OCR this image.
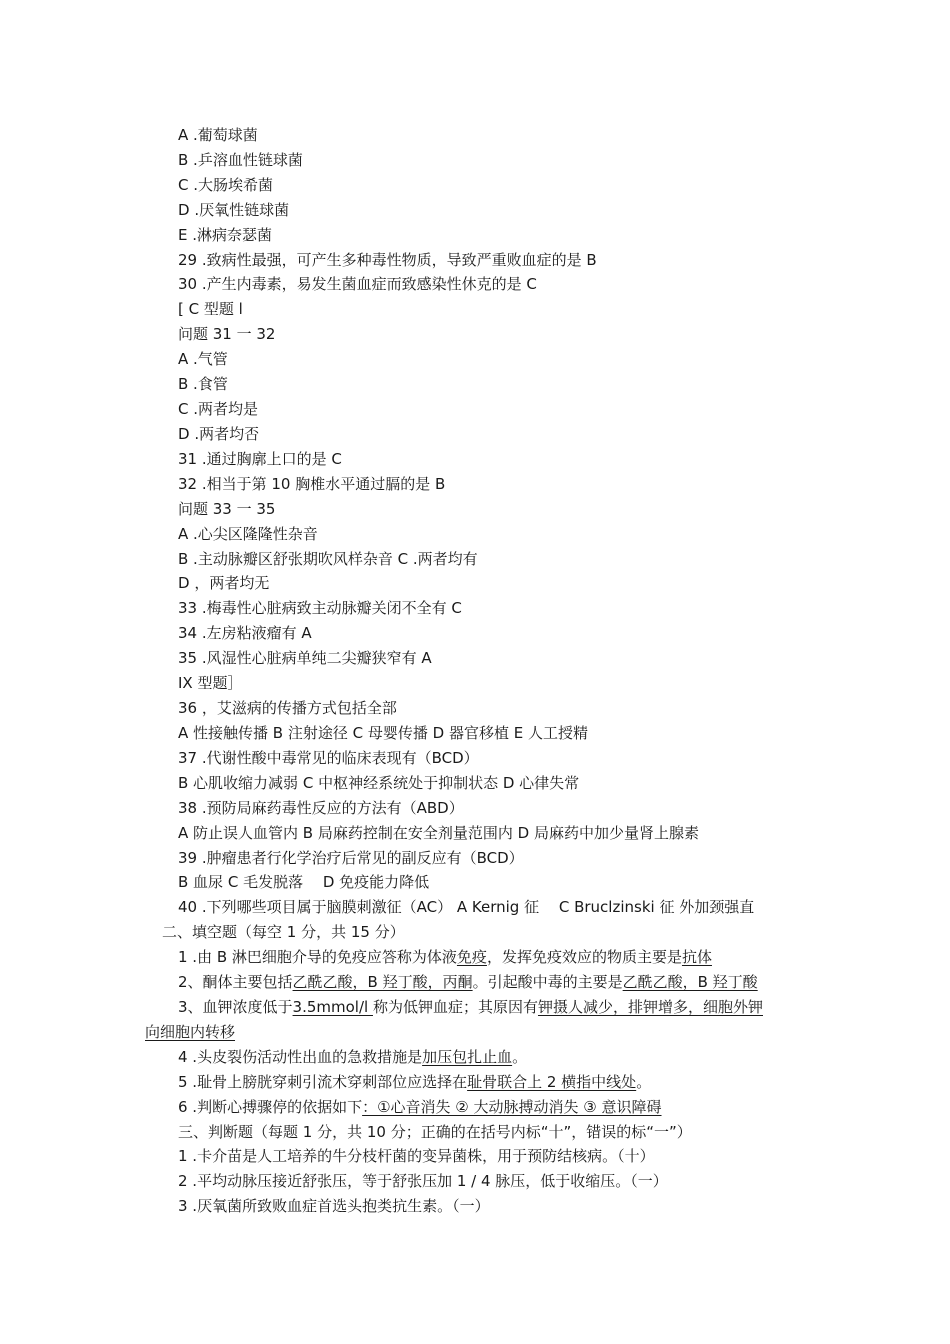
A .葡萄球菌
B .乒溶血性链球菌
C .大肠埃希菌
D .厌氧性链球菌
E .淋病奈瑟菌
29 .致病性最强，可产生多种毒性物质，导致严重败血症的是 B
30 .产生内毒素，易发生菌血症而致感染性休克的是 C
[ C 型题 l
问题 31 一 32
A .气管
B .食管
C .两者均是
D .两者均否
31 .通过胸廓上口的是 C
32 .相当于第 10 胸椎水平通过膈的是 B
问题 33 一 35
A .心尖区隆隆性杂音
B .主动脉瓣区舒张期吹风样杂音 C .两者均有
D ，两者均无
33 .梅毒性心脏病致主动脉瓣关闭不全有 C
34 .左房粘液瘤有 A
35 .风湿性心脏病单纯二尖瓣狭窄有 A
IX 型题］
36 ，艾滋病的传播方式包括全部
A 性接触传播 B 注射途径 C 母婴传播 D 器官移植 E 人工授精
37 .代谢性酸中毒常见的临床表现有（BCD）
B 心肌收缩力减弱 C 中枢神经系统处于抑制状态 D 心律失常
38 .预防局麻药毒性反应的方法有（ABD）
A 防止误人血管内 B 局麻药控制在安全剂量范围内 D 局麻药中加少量肾上腺素
39 .肿瘤患者行化学治疗后常见的副反应有（BCD）
B 血尿 C 毛发脱落　 D 免疫能力降低
40 .下列哪些项目属于脑膜刺激征（AC） A Kernig 征　 C Bruclzinski 征 外加颈强直
二、填空题（每空 1 分，共 15 分）
1 .由 B 淋巴细胞介导的免疫应答称为体液免疫，发挥免疫效应的物质主要是抗体
2、酮体主要包括乙酰乙酸，B 羟丁酸，丙酮。引起酸中毒的主要是乙酰乙酸，B 羟丁酸
3、血钾浓度低于3.5mmol/l 称为低钾血症；其原因有钾摄人减少，排钾增多，细胞外钾
向细胞内转移
4 .头皮裂伤活动性出血的急救措施是加压包扎止血。
5 .耻骨上膀胱穿刺引流术穿刺部位应选择在耻骨联合上 2 横指中线处。
6 .判断心搏骤停的依据如下：①心音消失 ② 大动脉搏动消失 ③ 意识障碍
三、判断题（每题 1 分，共 10 分；正确的在括号内标“十”，错误的标“一”）
1 .卡介苗是人工培养的牛分枝杆菌的变异菌株，用于预防结核病。（十）
2 .平均动脉压接近舒张压，等于舒张压加 1 / 4 脉压，低于收缩压。（一）
3 .厌氧菌所致败血症首选头抱类抗生素。（一）
